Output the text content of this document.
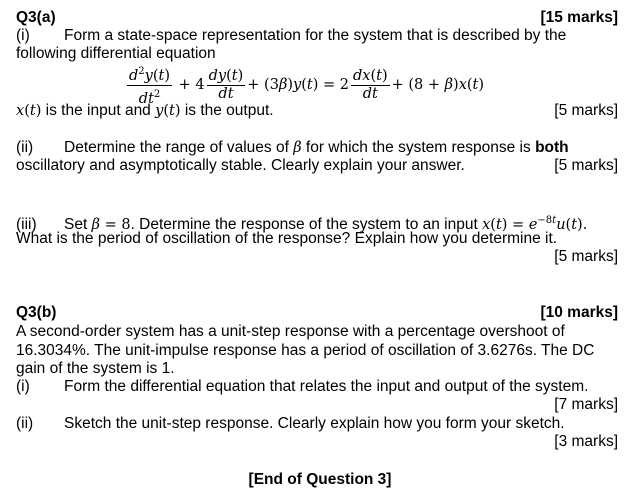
Q3(a)	[15 marks]
(i) Form a state-space representation for the system that is described by the
following differential equation
$\frac{d^2y(t)}{dt^2} + 4 \frac{dy(t)}{dt} + (3\beta)y(t) = 2 \frac{dx(t)}{dt} + (8 + \beta)x(t)$
x(t) is the input and y(t) is the output.	[5 marks]
(ii) Determine the range of values of β for which the system response is both
oscillatory and asymptotically stable. Clearly explain your answer.	[5 marks]
(iii) Set β = 8. Determine the response of the system to an input $x(t) = e^{-8t}u(t)$.
What is the period of oscillation of the response? Explain how you determine it.
[5 marks]
Q3(b)	[10 marks]
A second-order system has a unit-step response with a percentage overshoot of
16.3034%. The unit-impulse response has a period of oscillation of 3.6276s. The DC
gain of the system is 1.
(i) Form the differential equation that relates the input and output of the system.
[7 marks]
(ii) Sketch the unit-step response. Clearly explain how you form your sketch.
[3 marks]
[End of Question 3]
